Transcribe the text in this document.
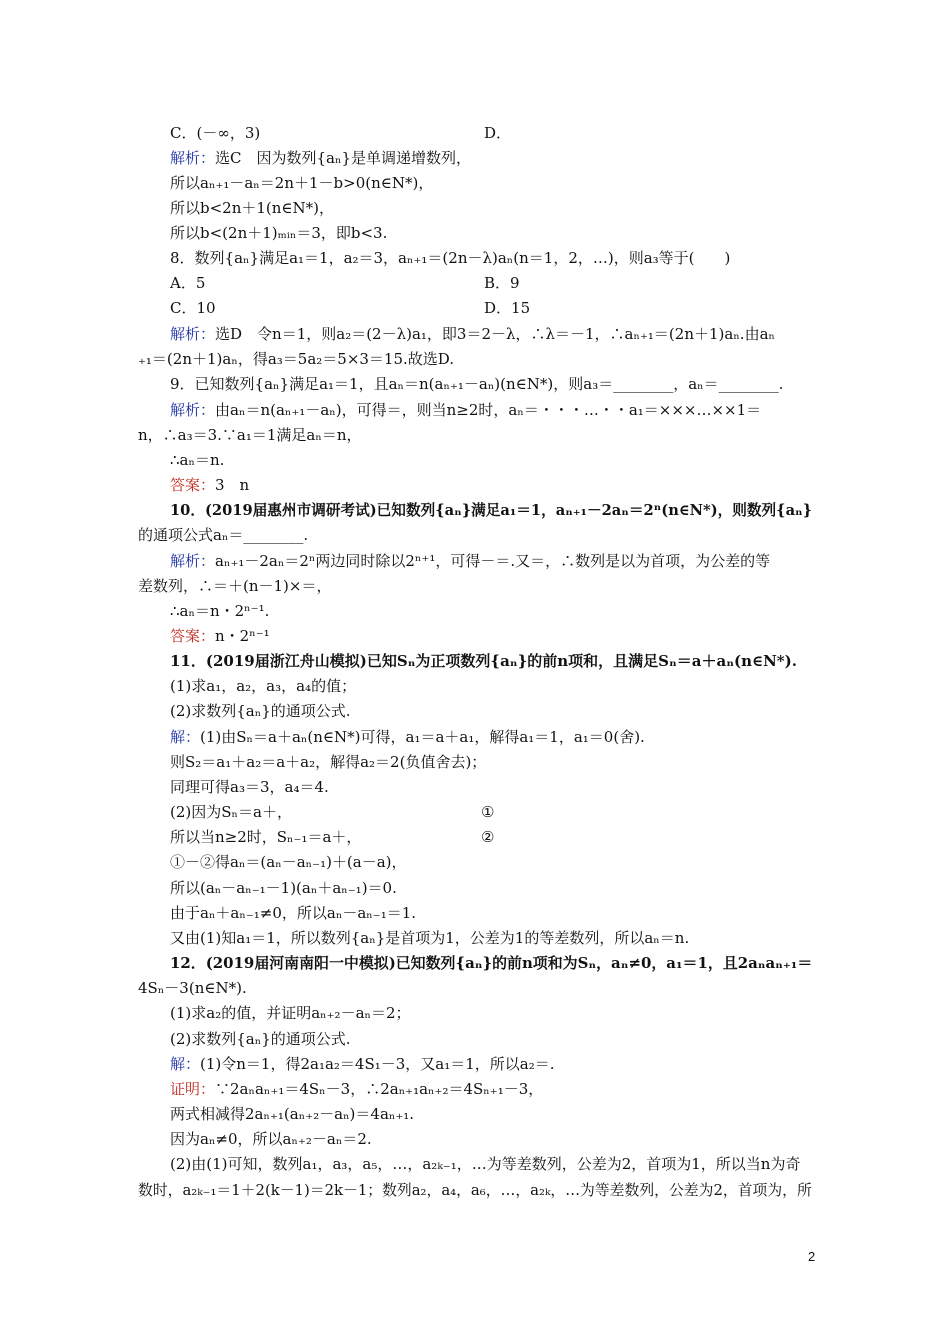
C．(－∞，3)	D．
解析：选C　因为数列{aₙ}是单调递增数列，
所以aₙ₊₁－aₙ＝2n＋1－b>0(n∈N*)，
所以b<2n＋1(n∈N*)，
所以b<(2n＋1)ₘᵢₙ＝3，即b<3.
8．数列{aₙ}满足a₁＝1，a₂＝3，aₙ₊₁＝(2n－λ)aₙ(n＝1，2，…)，则a₃等于(　　)
A．5	B．9
C．10	D．15
解析：选D　令n＝1，则a₂＝(2－λ)a₁，即3＝2－λ，∴λ＝－1，∴aₙ₊₁＝(2n＋1)aₙ.由aₙ
₊₁＝(2n＋1)aₙ，得a₃＝5a₂＝5×3＝15.故选D.
9．已知数列{aₙ}满足a₁＝1，且aₙ＝n(aₙ₊₁－aₙ)(n∈N*)，则a₃＝________，aₙ＝________.
解析：由aₙ＝n(aₙ₊₁－aₙ)，可得＝，则当n≥2时，aₙ＝・・・…・・a₁＝×××…××1＝
n，∴a₃＝3.∵a₁＝1满足aₙ＝n，
∴aₙ＝n.
答案：3　n
10．(2019届惠州市调研考试)已知数列{aₙ}满足a₁＝1，aₙ₊₁－2aₙ＝2ⁿ(n∈N*)，则数列{aₙ}
的通项公式aₙ＝________.
解析：aₙ₊₁－2aₙ＝2ⁿ两边同时除以2ⁿ⁺¹，可得－＝.又＝，∴数列是以为首项，为公差的等
差数列，∴＝＋(n－1)×＝，
∴aₙ＝n・2ⁿ⁻¹.
答案：n・2ⁿ⁻¹
11．(2019届浙江舟山模拟)已知Sₙ为正项数列{aₙ}的前n项和，且满足Sₙ＝a＋aₙ(n∈N*).
(1)求a₁，a₂，a₃，a₄的值；
(2)求数列{aₙ}的通项公式.
解：(1)由Sₙ＝a＋aₙ(n∈N*)可得，a₁＝a＋a₁，解得a₁＝1，a₁＝0(舍).
则S₂＝a₁＋a₂＝a＋a₂，解得a₂＝2(负值舍去)；
同理可得a₃＝3，a₄＝4.
(2)因为Sₙ＝a＋，	①
所以当n≥2时，Sₙ₋₁＝a＋，	②
①－②得aₙ＝(aₙ－aₙ₋₁)＋(a－a)，
所以(aₙ－aₙ₋₁－1)(aₙ＋aₙ₋₁)＝0.
由于aₙ＋aₙ₋₁≠0，所以aₙ－aₙ₋₁＝1.
又由(1)知a₁＝1，所以数列{aₙ}是首项为1，公差为1的等差数列，所以aₙ＝n.
12．(2019届河南南阳一中模拟)已知数列{aₙ}的前n项和为Sₙ，aₙ≠0，a₁＝1，且2aₙaₙ₊₁＝
4Sₙ－3(n∈N*).
(1)求a₂的值，并证明aₙ₊₂－aₙ＝2；
(2)求数列{aₙ}的通项公式.
解：(1)令n＝1，得2a₁a₂＝4S₁－3，又a₁＝1，所以a₂＝.
证明：∵2aₙaₙ₊₁＝4Sₙ－3，∴2aₙ₊₁aₙ₊₂＝4Sₙ₊₁－3，
两式相减得2aₙ₊₁(aₙ₊₂－aₙ)＝4aₙ₊₁.
因为aₙ≠0，所以aₙ₊₂－aₙ＝2.
(2)由(1)可知，数列a₁，a₃，a₅，…，a₂ₖ₋₁，…为等差数列，公差为2，首项为1，所以当n为奇
数时，a₂ₖ₋₁＝1＋2(k－1)＝2k－1；数列a₂，a₄，a₆，…，a₂ₖ，…为等差数列，公差为2，首项为，所
2
